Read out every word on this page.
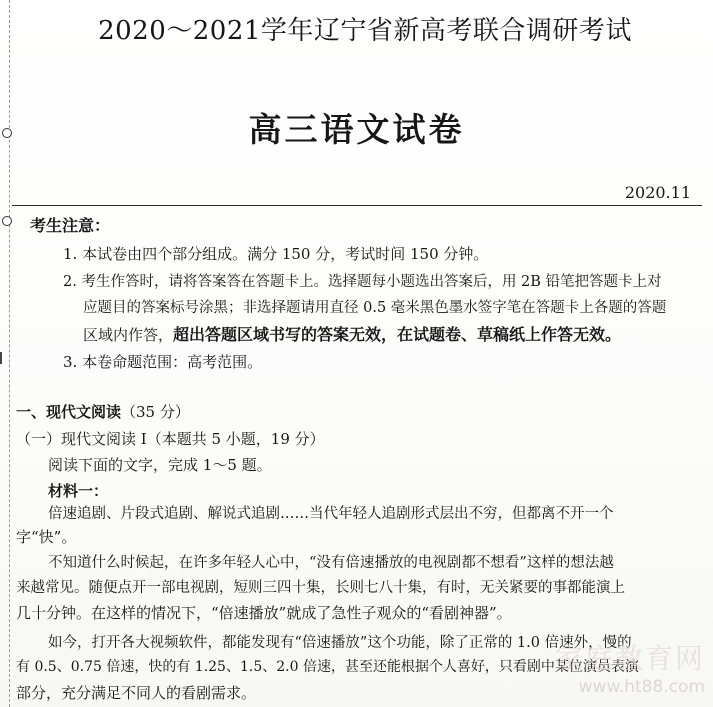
2020～2021学年辽宁省新高考联合调研考试
高三语文试卷
2020.11
考生注意：
1. 本试卷由四个部分组成。满分 150 分，考试时间 150 分钟。
2. 考生作答时，请将答案答在答题卡上。选择题每小题选出答案后，用 2B 铅笔把答题卡上对
应题目的答案标号涂黑；非选择题请用直径 0.5 毫米黑色墨水签字笔在答题卡上各题的答题
区域内作答，超出答题区域书写的答案无效，在试题卷、草稿纸上作答无效。
3. 本卷命题范围：高考范围。
一、现代文阅读（35 分）
（一）现代文阅读 Ⅰ（本题共 5 小题，19 分）
阅读下面的文字，完成 1～5 题。
材料一：
倍速追剧、片段式追剧、解说式追剧……当代年轻人追剧形式层出不穷，但都离不开一个
字“快”。
不知道什么时候起，在许多年轻人心中，“没有倍速播放的电视剧都不想看”这样的想法越
来越常见。随便点开一部电视剧，短则三四十集，长则七八十集，有时，无关紧要的事都能演上
几十分钟。在这样的情况下，“倍速播放”就成了急性子观众的“看剧神器”。
如今，打开各大视频软件，都能发现有“倍速播放”这个功能，除了正常的 1.0 倍速外，慢的
有 0.5、0.75 倍速，快的有 1.25、1.5、2.0 倍速，甚至还能根据个人喜好，只看剧中某位演员表演
部分，充分满足不同人的看剧需求。
家庭教育网
www.ht88.com
